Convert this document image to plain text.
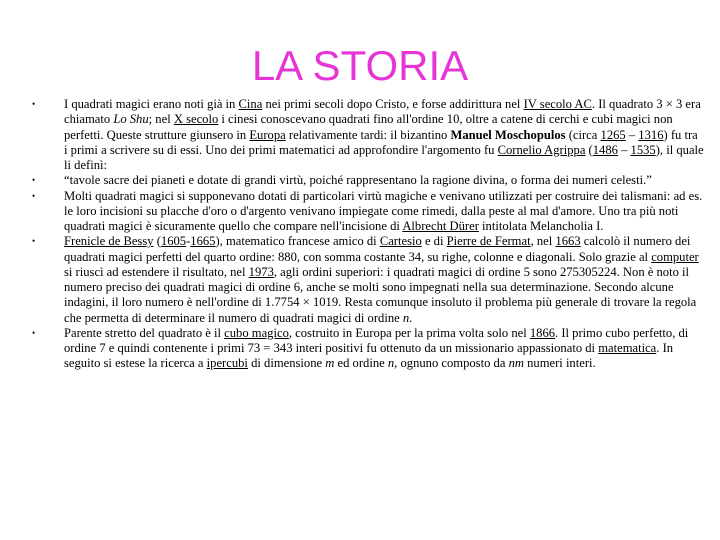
LA STORIA
•	I quadrati magici erano noti già in Cina nei primi secoli dopo Cristo, e forse addirittura nel IV secolo AC. Il quadrato 3 × 3 era chiamato Lo Shu; nel X secolo i cinesi conoscevano quadrati fino all'ordine 10, oltre a catene di cerchi e cubi magici non perfetti. Queste strutture giunsero in Europa relativamente tardi: il bizantino Manuel Moschopulos (circa 1265 – 1316) fu tra i primi a scrivere su di essi. Uno dei primi matematici ad approfondire l'argomento fu Cornelio Agrippa (1486 – 1535), il quale li definì:
•	“tavole sacre dei pianeti e dotate di grandi virtù, poiché rappresentano la ragione divina, o forma dei numeri celesti.”
•	Molti quadrati magici si supponevano dotati di particolari virtù magiche e venivano utilizzati per costruire dei talismani: ad es. le loro incisioni su placche d'oro o d'argento venivano impiegate come rimedi, dalla peste al mal d'amore. Uno tra più noti quadrati magici è sicuramente quello che compare nell'incisione di Albrecht Dürer intitolata Melancholia I.
•	Frenicle de Bessy (1605-1665), matematico francese amico di Cartesio e di Pierre de Fermat, nel 1663 calcolò il numero dei quadrati magici perfetti del quarto ordine: 880, con somma costante 34, su righe, colonne e diagonali. Solo grazie al computer si riuscì ad estendere il risultato, nel 1973, agli ordini superiori: i quadrati magici di ordine 5 sono 275305224. Non è noto il numero preciso dei quadrati magici di ordine 6, anche se molti sono impegnati nella sua determinazione. Secondo alcune indagini, il loro numero è nell'ordine di 1.7754 × 1019. Resta comunque insoluto il problema più generale di trovare la regola che permetta di determinare il numero di quadrati magici di ordine n.
•	Parente stretto del quadrato è il cubo magico, costruito in Europa per la prima volta solo nel 1866. Il primo cubo perfetto, di ordine 7 e quindi contenente i primi 73 = 343 interi positivi fu ottenuto da un missionario appassionato di matematica. In seguito si estese la ricerca a ipercubi di dimensione m ed ordine n, ognuno composto da nm numeri interi.
